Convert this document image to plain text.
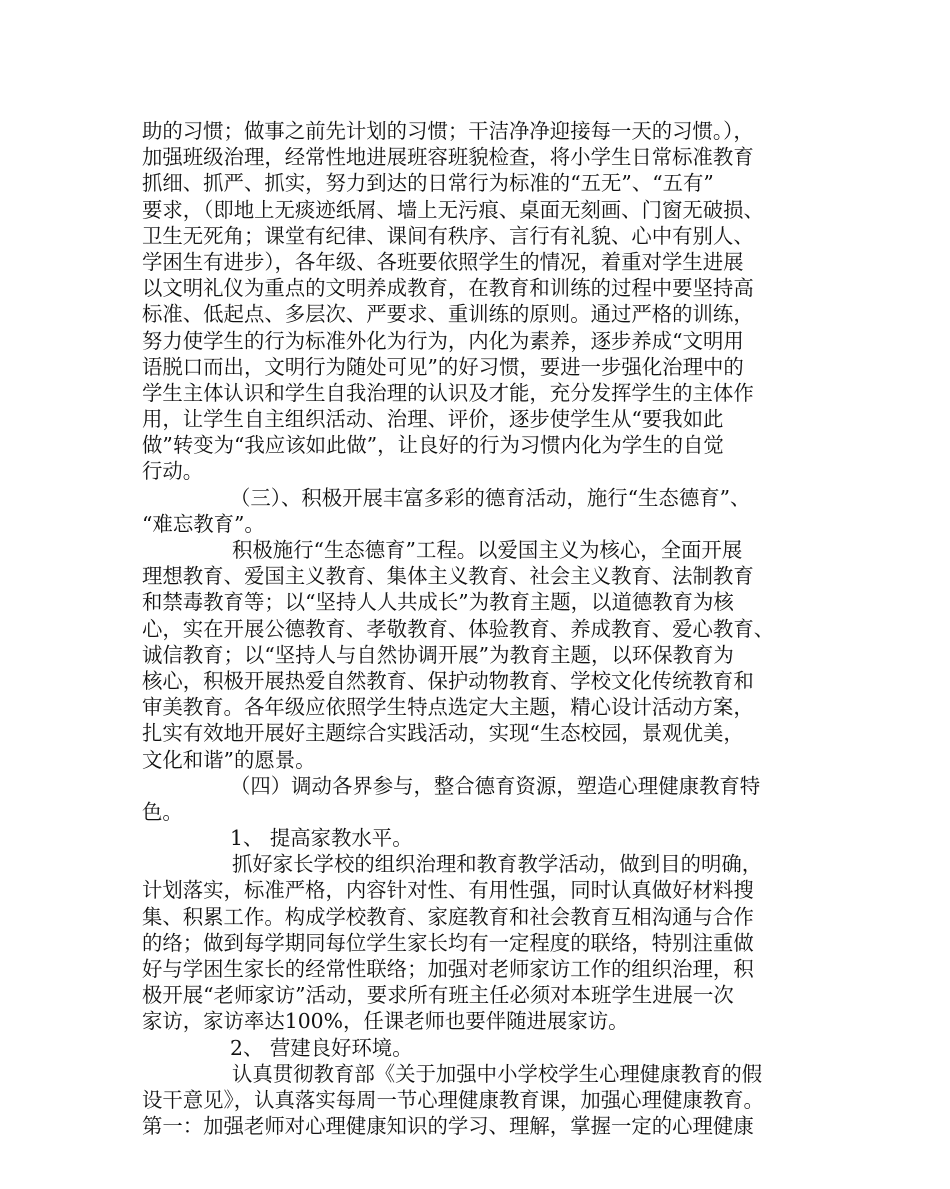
助的习惯；做事之前先计划的习惯；干洁净净迎接每一天的习惯。），
加强班级治理，经常性地进展班容班貌检查，将小学生日常标准教育
抓细、抓严、抓实，努力到达的日常行为标准的“五无”、“五有”
要求，（即地上无痰迹纸屑、墙上无污痕、桌面无刻画、门窗无破损、
卫生无死角；课堂有纪律、课间有秩序、言行有礼貌、心中有别人、
学困生有进步），各年级、各班要依照学生的情况，着重对学生进展
以文明礼仪为重点的文明养成教育，在教育和训练的过程中要坚持高
标准、低起点、多层次、严要求、重训练的原则。通过严格的训练，
努力使学生的行为标准外化为行为，内化为素养，逐步养成“文明用
语脱口而出，文明行为随处可见”的好习惯，要进一步强化治理中的
学生主体认识和学生自我治理的认识及才能，充分发挥学生的主体作
用，让学生自主组织活动、治理、评价，逐步使学生从“要我如此
做”转变为“我应该如此做”，让良好的行为习惯内化为学生的自觉
行动。
（三）、积极开展丰富多彩的德育活动，施行“生态德育”、
“难忘教育”。
积极施行“生态德育”工程。以爱国主义为核心，全面开展
理想教育、爱国主义教育、集体主义教育、社会主义教育、法制教育
和禁毒教育等；以“坚持人人共成长”为教育主题，以道德教育为核
心，实在开展公德教育、孝敬教育、体验教育、养成教育、爱心教育、
诚信教育；以“坚持人与自然协调开展”为教育主题，以环保教育为
核心，积极开展热爱自然教育、保护动物教育、学校文化传统教育和
审美教育。各年级应依照学生特点选定大主题，精心设计活动方案，
扎实有效地开展好主题综合实践活动，实现“生态校园，景观优美，
文化和谐”的愿景。
（四）调动各界参与，整合德育资源，塑造心理健康教育特
色。
1、 提高家教水平。
抓好家长学校的组织治理和教育教学活动，做到目的明确，
计划落实，标准严格，内容针对性、有用性强，同时认真做好材料搜
集、积累工作。构成学校教育、家庭教育和社会教育互相沟通与合作
的络；做到每学期同每位学生家长均有一定程度的联络，特别注重做
好与学困生家长的经常性联络；加强对老师家访工作的组织治理，积
极开展“老师家访”活动，要求所有班主任必须对本班学生进展一次
家访，家访率达100%，任课老师也要伴随进展家访。
2、 营建良好环境。
认真贯彻教育部《关于加强中小学校学生心理健康教育的假
设干意见》，认真落实每周一节心理健康教育课，加强心理健康教育。
第一：加强老师对心理健康知识的学习、理解，掌握一定的心理健康
